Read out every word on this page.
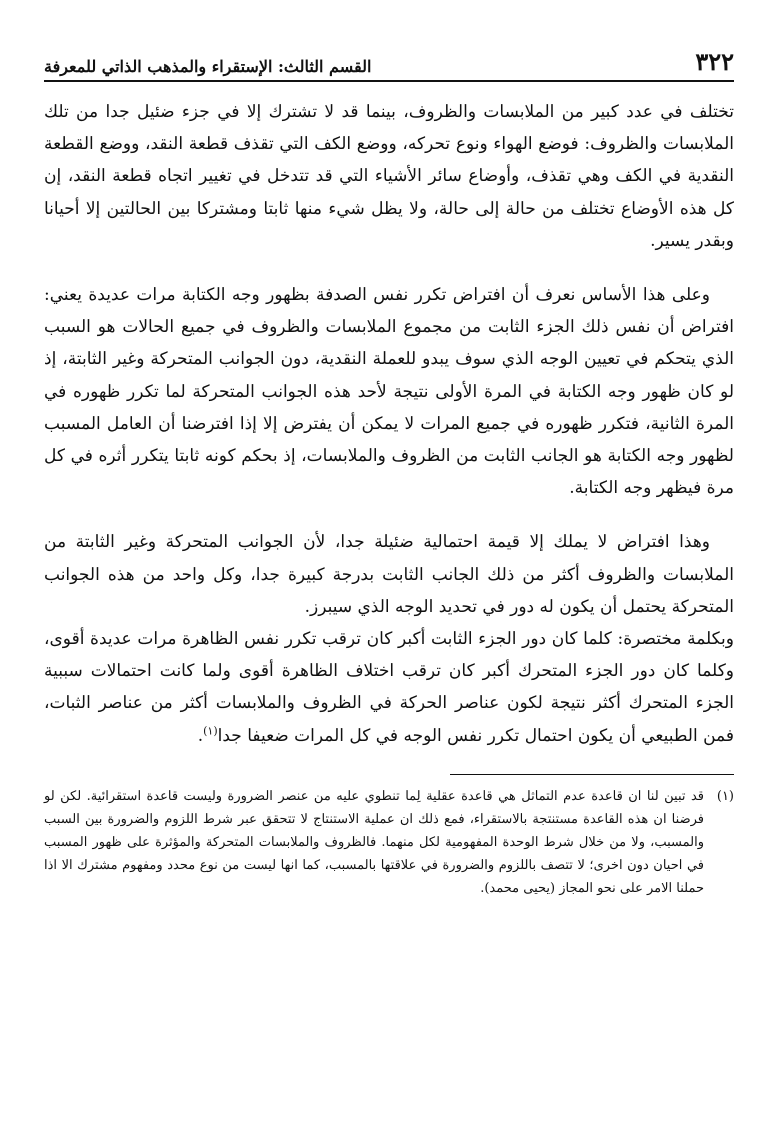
٣٢٢
القسم الثالث: الإستقراء والمذهب الذاتي للمعرفة

تختلف في عدد كبير من الملابسات والظروف، بينما قد لا تشترك إلا في جزء ضئيل جدا من تلك الملابسات والظروف: فوضع الهواء ونوع تحركه، ووضع الكف التي تقذف قطعة النقد، ووضع القطعة النقدية في الكف وهي تقذف، وأوضاع سائر الأشياء التي قد تتدخل في تغيير اتجاه قطعة النقد، إن كل هذه الأوضاع تختلف من حالة إلى حالة، ولا يظل شيء منها ثابتا ومشتركا بين الحالتين إلا أحيانا وبقدر يسير.

وعلى هذا الأساس نعرف أن افتراض تكرر نفس الصدفة بظهور وجه الكتابة مرات عديدة يعني: افتراض أن نفس ذلك الجزء الثابت من مجموع الملابسات والظروف في جميع الحالات هو السبب الذي يتحكم في تعيين الوجه الذي سوف يبدو للعملة النقدية، دون الجوانب المتحركة وغير الثابتة، إذ لو كان ظهور وجه الكتابة في المرة الأولى نتيجة لأحد هذه الجوانب المتحركة لما تكرر ظهوره في المرة الثانية، فتكرر ظهوره في جميع المرات لا يمكن أن يفترض إلا إذا افترضنا أن العامل المسبب لظهور وجه الكتابة هو الجانب الثابت من الظروف والملابسات، إذ بحكم كونه ثابتا يتكرر أثره في كل مرة فيظهر وجه الكتابة.

وهذا افتراض لا يملك إلا قيمة احتمالية ضئيلة جدا، لأن الجوانب المتحركة وغير الثابتة من الملابسات والظروف أكثر من ذلك الجانب الثابت بدرجة كبيرة جدا، وكل واحد من هذه الجوانب المتحركة يحتمل أن يكون له دور في تحديد الوجه الذي سيبرز.

وبكلمة مختصرة: كلما كان دور الجزء الثابت أكبر كان ترقب تكرر نفس الظاهرة مرات عديدة أقوى، وكلما كان دور الجزء المتحرك أكبر كان ترقب اختلاف الظاهرة أقوى ولما كانت احتمالات سببية الجزء المتحرك أكثر نتيجة لكون عناصر الحركة في الظروف والملابسات أكثر من عناصر الثبات، فمن الطبيعي أن يكون احتمال تكرر نفس الوجه في كل المرات ضعيفا جدا$^{(١)}$.

(١)
قد تبين لنا ان قاعدة عدم التماثل هي قاعدة عقلية لِما تنطوي عليه من عنصر الضرورة وليست قاعدة استقرائية. لكن لو فرضنا ان هذه القاعدة مستنتجة بالاستقراء، فمع ذلك ان عملية الاستنتاج لا تتحقق عبر شرط اللزوم والضرورة بين السبب والمسبب، ولا من خلال شرط الوحدة المفهومية لكل منهما. فالظروف والملابسات المتحركة والمؤثرة على ظهور المسبب في احيان دون اخرى؛ لا تتصف باللزوم والضرورة في علاقتها بالمسبب، كما انها ليست من نوع محدد ومفهوم مشترك الا اذا حملنا الامر على نحو المجاز (يحيى محمد).
